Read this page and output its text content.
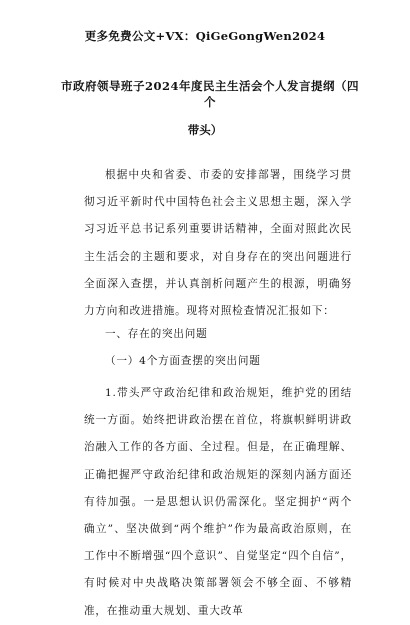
更多免费公文+VX：QiGeGongWen2024
市政府领导班子2024年度民主生活会个人发言提纲（四个
带头）
根据中央和省委、市委的安排部署，围绕学习贯彻习近平新时代中国特色社会主义思想主题，深入学习习近平总书记系列重要讲话精神，全面对照此次民主生活会的主题和要求，对自身存在的突出问题进行全面深入查摆，并认真剖析问题产生的根源，明确努力方向和改进措施。现将对照检查情况汇报如下：
一、存在的突出问题
（一）4个方面查摆的突出问题
1.带头严守政治纪律和政治规矩，维护党的团结统一方面。始终把讲政治摆在首位，将旗帜鲜明讲政治融入工作的各方面、全过程。但是，在正确理解、正确把握严守政治纪律和政治规矩的深刻内涵方面还有待加强。一是思想认识仍需深化。坚定拥护“两个确立”、坚决做到“两个维护”作为最高政治原则，在工作中不断增强“四个意识”、自觉坚定“四个自信”，有时候对中央战略决策部署领会不够全面、不够精准，在推动重大规划、重大改革
